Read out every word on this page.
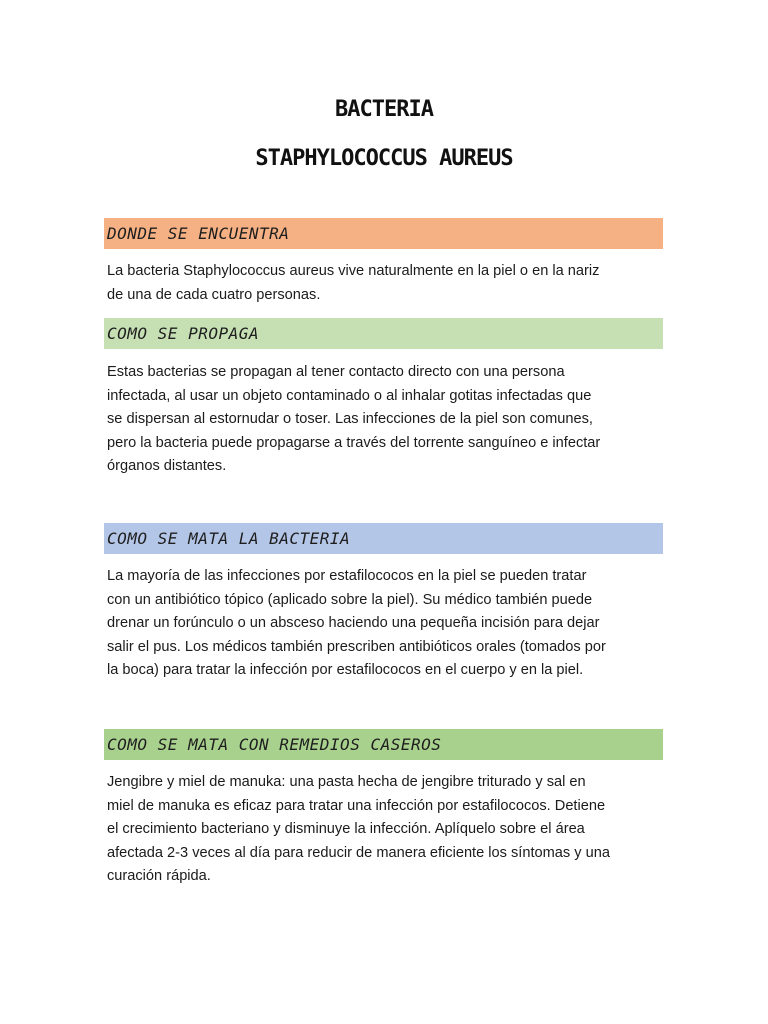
BACTERIA
STAPHYLOCOCCUS AUREUS
DONDE SE ENCUENTRA
La bacteria Staphylococcus aureus vive naturalmente en la piel o en la nariz
de una de cada cuatro personas.
COMO SE PROPAGA
Estas bacterias se propagan al tener contacto directo con una persona
infectada, al usar un objeto contaminado o al inhalar gotitas infectadas que
se dispersan al estornudar o toser. Las infecciones de la piel son comunes,
pero la bacteria puede propagarse a través del torrente sanguíneo e infectar
órganos distantes.
COMO SE MATA LA BACTERIA
La mayoría de las infecciones por estafilococos en la piel se pueden tratar
con un antibiótico tópico (aplicado sobre la piel). Su médico también puede
drenar un forúnculo o un absceso haciendo una pequeña incisión para dejar
salir el pus. Los médicos también prescriben antibióticos orales (tomados por
la boca) para tratar la infección por estafilococos en el cuerpo y en la piel.
COMO SE MATA CON REMEDIOS CASEROS
Jengibre y miel de manuka: una pasta hecha de jengibre triturado y sal en
miel de manuka es eficaz para tratar una infección por estafilococos. Detiene
el crecimiento bacteriano y disminuye la infección. Aplíquelo sobre el área
afectada 2-3 veces al día para reducir de manera eficiente los síntomas y una
curación rápida.
